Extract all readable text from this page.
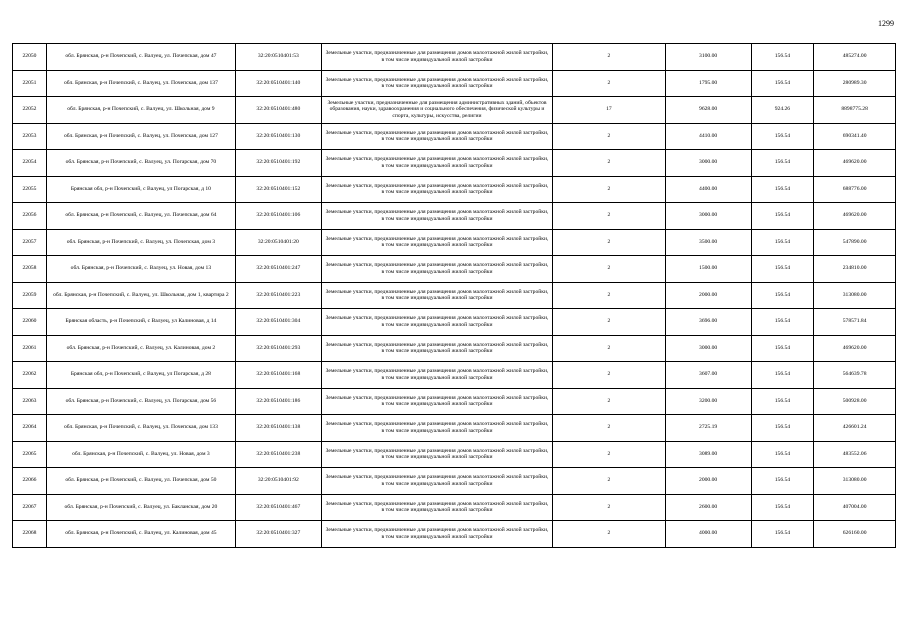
1299
22050	обл. Брянская, р-н Почепский, с. Валуец, ул. Почепская, дом 47	32:20:0510401:53	Земельные участки, предназначенные для размещения домов малоэтажной жилой застройки, в том числе индивидуальной жилой застройки	2	3100.00	156.54	485274.00
22051	обл. Брянская, р-н Почепский, с. Валуец, ул. Почепская, дом 137	32:20:0510401:140	Земельные участки, предназначенные для размещения домов малоэтажной жилой застройки, в том числе индивидуальной жилой застройки	2	1795.00	156.54	280989.30
22052	обл. Брянская, р-н Почепский, с. Валуец, ул. Школьная, дом 9	32:20:0510401:480	Земельные участки, предназначенные для размещения административных зданий, объектов образования, науки, здравоохранения и социального обеспечения, физической культуры и спорта, культуры, искусства, религии	17	9628.00	924.26	8898775.28
22053	обл. Брянская, р-н Почепский, с. Валуец, ул. Почепская, дом 127	32:20:0510401:130	Земельные участки, предназначенные для размещения домов малоэтажной жилой застройки, в том числе индивидуальной жилой застройки	2	4410.00	156.54	690341.40
22054	обл. Брянская, р-н Почепский, с. Валуец, ул. Погарская, дом 70	32:20:0510401:192	Земельные участки, предназначенные для размещения домов малоэтажной жилой застройки, в том числе индивидуальной жилой застройки	2	3000.00	156.54	469620.00
22055	Брянская обл, р-н Почепский, с Валуец, ул Погарская, д 10	32:20:0510401:152	Земельные участки, предназначенные для размещения домов малоэтажной жилой застройки, в том числе индивидуальной жилой застройки	2	4400.00	156.54	688776.00
22056	обл. Брянская, р-н Почепский, с. Валуец, ул. Почепская, дом 64	32:20:0510401:106	Земельные участки, предназначенные для размещения домов малоэтажной жилой застройки, в том числе индивидуальной жилой застройки	2	3000.00	156.54	469620.00
22057	обл. Брянская, р-н Почепский, с. Валуец, ул. Почепская, дом 3	32:20:0510401:20	Земельные участки, предназначенные для размещения домов малоэтажной жилой застройки, в том числе индивидуальной жилой застройки	2	3500.00	156.54	547890.00
22058	обл. Брянская, р-н Почепский, с. Валуец, ул. Новая, дом 13	32:20:0510401:247	Земельные участки, предназначенные для размещения домов малоэтажной жилой застройки, в том числе индивидуальной жилой застройки	2	1500.00	156.54	234810.00
22059	обл. Брянская, р-н Почепский, с. Валуец, ул. Школьная, дом 1, квартира 2	32:20:0510401:223	Земельные участки, предназначенные для размещения домов малоэтажной жилой застройки, в том числе индивидуальной жилой застройки	2	2000.00	156.54	313080.00
22060	Брянская область, р-н Почепский, с Валуец, ул Калиновая, д 14	32:20:0510401:304	Земельные участки, предназначенные для размещения домов малоэтажной жилой застройки, в том числе индивидуальной жилой застройки	2	3696.00	156.54	578571.84
22061	обл. Брянская, р-н Почепский, с. Валуец, ул. Калиновая, дом 2	32:20:0510401:293	Земельные участки, предназначенные для размещения домов малоэтажной жилой застройки, в том числе индивидуальной жилой застройки	2	3000.00	156.54	469620.00
22062	Брянская обл, р-н Почепский, с Валуец, ул Погарская, д 28	32:20:0510401:168	Земельные участки, предназначенные для размещения домов малоэтажной жилой застройки, в том числе индивидуальной жилой застройки	2	3607.00	156.54	564639.78
22063	обл. Брянская, р-н Почепский, с. Валуец, ул. Погарская, дом 56	32:20:0510401:186	Земельные участки, предназначенные для размещения домов малоэтажной жилой застройки, в том числе индивидуальной жилой застройки	2	3200.00	156.54	500928.00
22064	обл. Брянская, р-н Почепский, с. Валуец, ул. Почепская, дом 133	32:20:0510401:138	Земельные участки, предназначенные для размещения домов малоэтажной жилой застройки, в том числе индивидуальной жилой застройки	2	2725.19	156.54	426601.24
22065	обл. Брянская, р-н Почепский, с. Валуец, ул. Новая, дом 3	32:20:0510401:238	Земельные участки, предназначенные для размещения домов малоэтажной жилой застройки, в том числе индивидуальной жилой застройки	2	3089.00	156.54	483552.06
22066	обл. Брянская, р-н Почепский, с. Валуец, ул. Почепская, дом 50	32:20:0510401:92	Земельные участки, предназначенные для размещения домов малоэтажной жилой застройки, в том числе индивидуальной жилой застройки	2	2000.00	156.54	313080.00
22067	обл. Брянская, р-н Почепский, с. Валуец, ул. Бакланская, дом 20	32:20:0510401:467	Земельные участки, предназначенные для размещения домов малоэтажной жилой застройки, в том числе индивидуальной жилой застройки	2	2600.00	156.54	407004.00
22068	обл. Брянская, р-н Почепский, с. Валуец, ул. Калиновая, дом 45	32:20:0510401:327	Земельные участки, предназначенные для размещения домов малоэтажной жилой застройки, в том числе индивидуальной жилой застройки	2	4000.00	156.54	626160.00
